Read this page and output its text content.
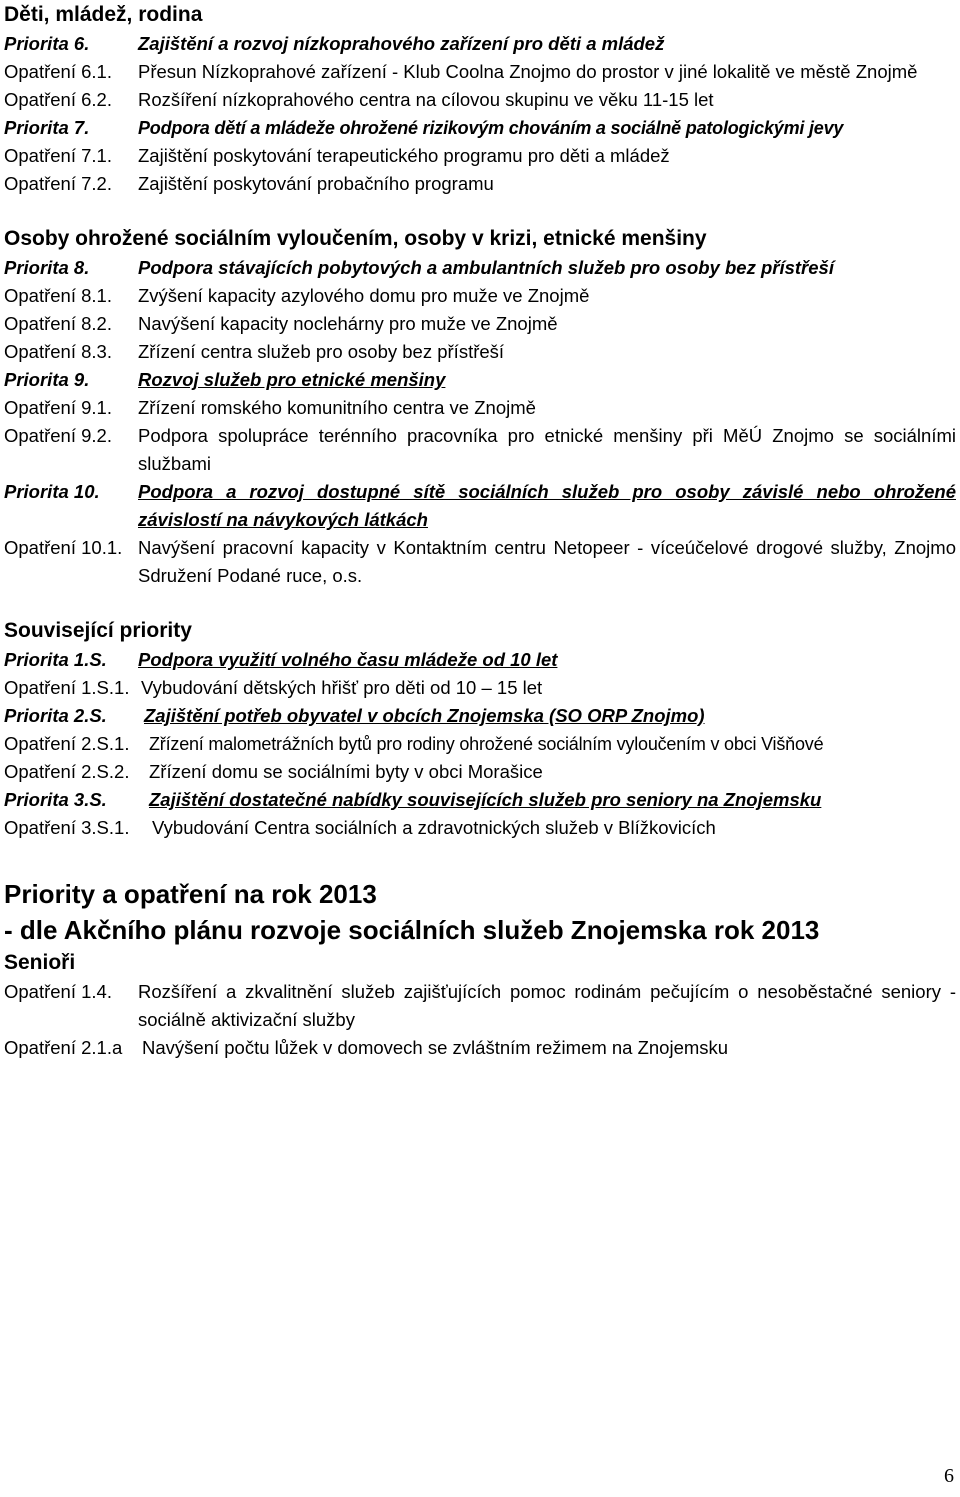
Děti, mládež, rodina
Priorita 6.	Zajištění a rozvoj nízkoprahového zařízení pro děti a mládež
Opatření 6.1.	Přesun Nízkoprahové zařízení - Klub Coolna Znojmo do prostor v jiné lokalitě ve městě Znojmě
Opatření 6.2.	Rozšíření nízkoprahového centra na cílovou skupinu ve věku 11-15 let
Priorita 7.	Podpora dětí a mládeže ohrožené rizikovým chováním a sociálně patologickými jevy
Opatření 7.1.	Zajištění poskytování terapeutického programu pro děti a mládež
Opatření 7.2.	Zajištění poskytování probačního programu
Osoby ohrožené sociálním vyloučením, osoby v krizi, etnické menšiny
Priorita 8.	Podpora stávajících pobytových a ambulantních služeb pro osoby bez přístřeší
Opatření 8.1.	Zvýšení kapacity azylového domu pro muže ve Znojmě
Opatření 8.2.	Navýšení kapacity noclehárny pro muže ve Znojmě
Opatření 8.3.	Zřízení centra služeb pro osoby bez přístřeší
Priorita 9.	Rozvoj služeb pro etnické menšiny
Opatření 9.1.	Zřízení romského komunitního centra ve Znojmě
Opatření 9.2.	Podpora spolupráce terénního pracovníka pro etnické menšiny při MěÚ Znojmo se sociálními službami
Priorita 10.	Podpora a rozvoj dostupné sítě sociálních služeb pro osoby závislé nebo ohrožené závislostí na návykových látkách
Opatření 10.1. Navýšení pracovní kapacity v Kontaktním centru Netopeer - víceúčelové drogové služby, Znojmo Sdružení Podané ruce, o.s.
Související priority
Priorita 1.S.	Podpora využití volného času mládeže od 10 let
Opatření 1.S.1. Vybudování dětských hřišť pro děti od 10 – 15 let
Priorita 2.S.	Zajištění potřeb obyvatel v obcích Znojemska (SO ORP Znojmo)
Opatření 2.S.1.	Zřízení malometrážních bytů pro rodiny ohrožené sociálním vyloučením v obci Višňové
Opatření 2.S.2.	Zřízení domu se sociálními byty v obci Morašice
Priorita 3.S.	Zajištění dostatečné nabídky souvisejících služeb pro seniory na Znojemsku
Opatření 3.S.1.	Vybudování Centra sociálních a zdravotnických služeb v Blížkovicích
Priority a opatření na rok 2013
- dle Akčního plánu rozvoje sociálních služeb Znojemska rok 2013
Senioři
Opatření 1.4.	Rozšíření a zkvalitnění služeb zajišťujících pomoc rodinám pečujícím o nesoběstačné seniory - sociálně aktivizační služby
Opatření 2.1.a	Navýšení počtu lůžek v domovech se zvláštním režimem na Znojemsku
6
